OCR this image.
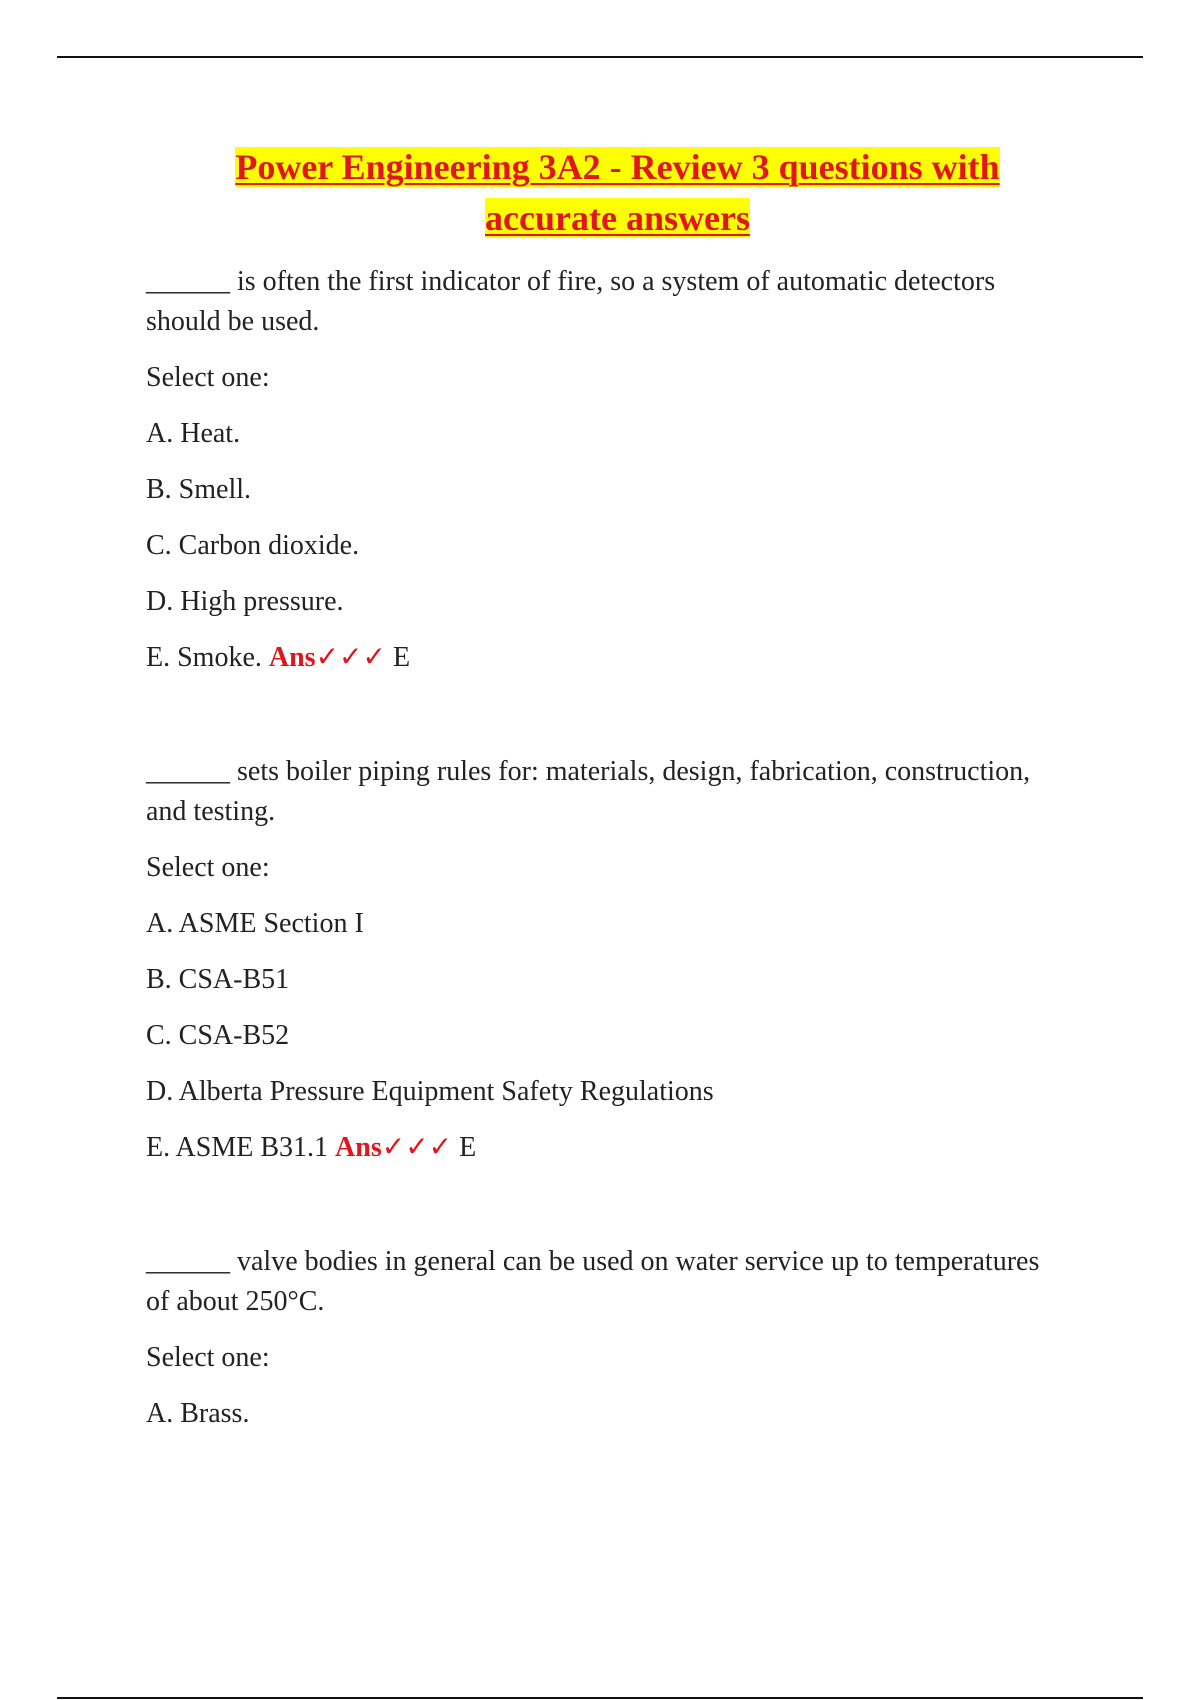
Power Engineering 3A2 - Review 3 questions with
accurate answers

______ is often the first indicator of fire, so a system of automatic detectors should be used.

Select one:

A. Heat.

B. Smell.

C. Carbon dioxide.

D. High pressure.

E. Smoke. Ans✓✓✓ E

______ sets boiler piping rules for: materials, design, fabrication, construction, and testing.

Select one:

A. ASME Section I

B. CSA-B51

C. CSA-B52

D. Alberta Pressure Equipment Safety Regulations

E. ASME B31.1 Ans✓✓✓ E

______ valve bodies in general can be used on water service up to temperatures of about 250°C.

Select one:

A. Brass.
